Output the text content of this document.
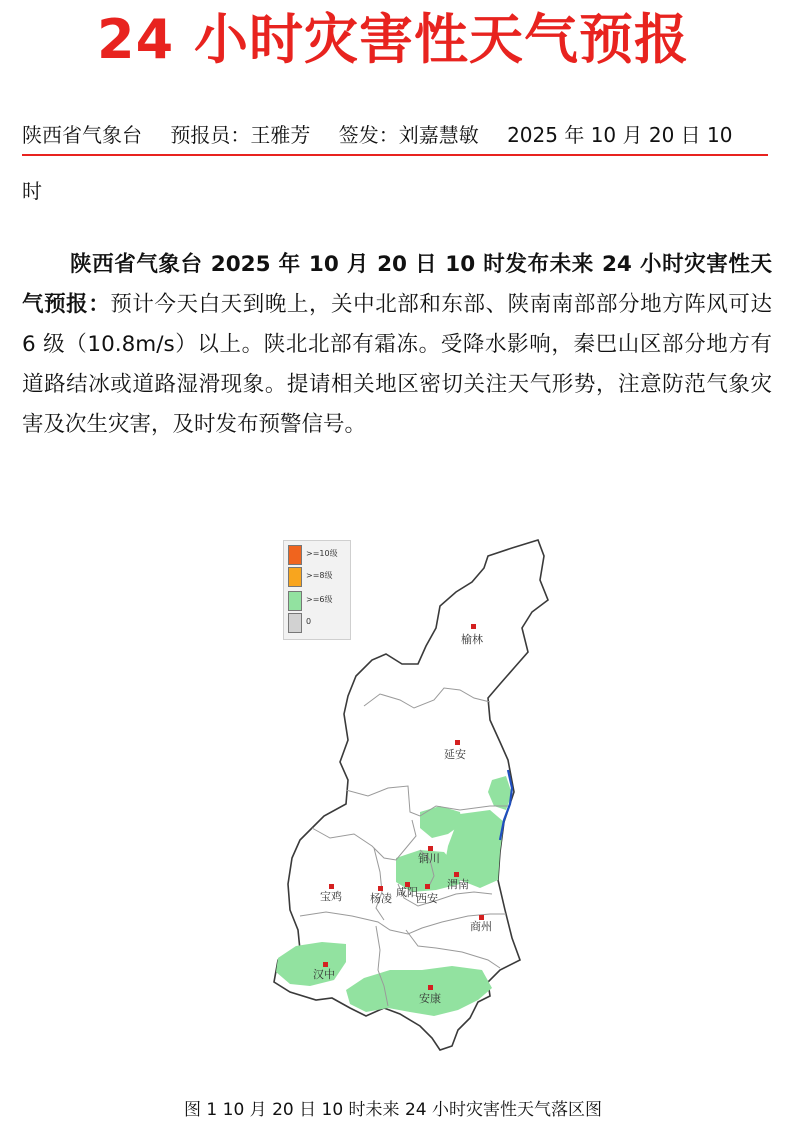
24 小时灾害性天气预报
陕西省气象台 预报员：王雅芳 签发：刘嘉慧敏 2025 年 10 月 20 日 10
时
陕西省气象台 2025 年 10 月 20 日 10 时发布未来 24 小时灾害性天气预报：预计今天白天到晚上，关中北部和东部、陕南南部部分地方阵风可达 6 级（10.8m/s）以上。陕北北部有霜冻。受降水影响，秦巴山区部分地方有道路结冰或道路湿滑现象。提请相关地区密切关注天气形势，注意防范气象灾害及次生灾害，及时发布预警信号。
榆林
延安
铜川
渭南
宝鸡	杨凌 咸阳
西安
商州
汉中
安康
>=10级
>=8级
>=6级
0
图 1 10 月 20 日 10 时未来 24 小时灾害性天气落区图
